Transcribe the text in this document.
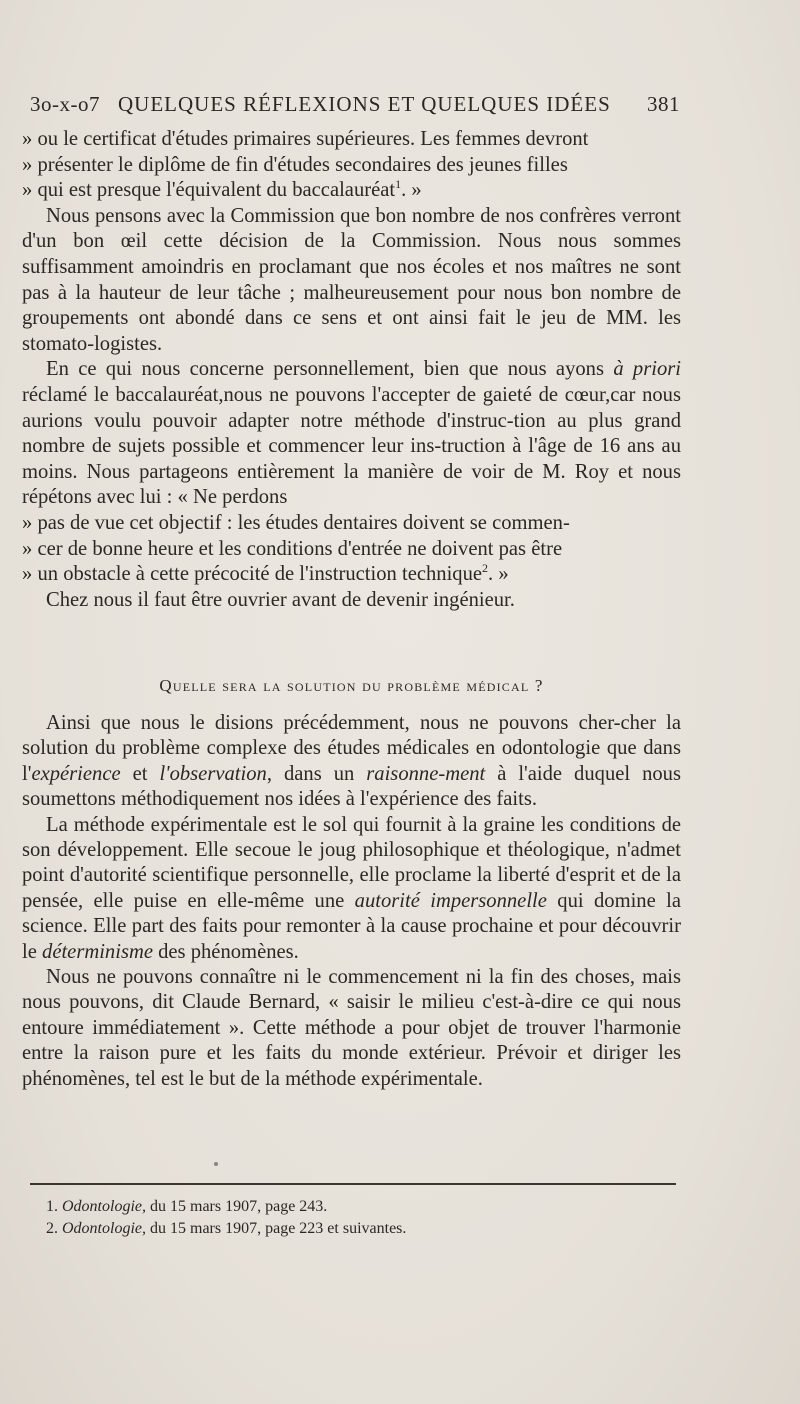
3o-x-o7 QUELQUES RÉFLEXIONS ET QUELQUES IDÉES 381

» ou le certificat d'études primaires supérieures. Les femmes devront
» présenter le diplôme de fin d'études secondaires des jeunes filles
» qui est presque l'équivalent du baccalauréat$^1$. »

Nous pensons avec la Commission que bon nombre de nos confrères verront d'un bon œil cette décision de la Commission. Nous nous sommes suffisamment amoindris en proclamant que nos écoles et nos maîtres ne sont pas à la hauteur de leur tâche ; malheureusement pour nous bon nombre de groupements ont abondé dans ce sens et ont ainsi fait le jeu de MM. les stomato-logistes.

En ce qui nous concerne personnellement, bien que nous ayons à priori réclamé le baccalauréat,nous ne pouvons l'accepter de gaieté de cœur,car nous aurions voulu pouvoir adapter notre méthode d'instruc-tion au plus grand nombre de sujets possible et commencer leur ins-truction à l'âge de 16 ans au moins. Nous partageons entièrement la manière de voir de M. Roy et nous répétons avec lui : « Ne perdons

» pas de vue cet objectif : les études dentaires doivent se commen-
» cer de bonne heure et les conditions d'entrée ne doivent pas être
» un obstacle à cette précocité de l'instruction technique$^2$. »

Chez nous il faut être ouvrier avant de devenir ingénieur.

Quelle sera la solution du problème médical ?

Ainsi que nous le disions précédemment, nous ne pouvons cher-cher la solution du problème complexe des études médicales en odontologie que dans l'expérience et l'observation, dans un raisonne-ment à l'aide duquel nous soumettons méthodiquement nos idées à l'expérience des faits.

La méthode expérimentale est le sol qui fournit à la graine les conditions de son développement. Elle secoue le joug philosophique et théologique, n'admet point d'autorité scientifique personnelle, elle proclame la liberté d'esprit et de la pensée, elle puise en elle-même une autorité impersonnelle qui domine la science. Elle part des faits pour remonter à la cause prochaine et pour découvrir le déterminisme des phénomènes.

Nous ne pouvons connaître ni le commencement ni la fin des choses, mais nous pouvons, dit Claude Bernard, « saisir le milieu c'est-à-dire ce qui nous entoure immédiatement ». Cette méthode a pour objet de trouver l'harmonie entre la raison pure et les faits du monde extérieur. Prévoir et diriger les phénomènes, tel est le but de la méthode expérimentale.

1. Odontologie, du 15 mars 1907, page 243.
2. Odontologie, du 15 mars 1907, page 223 et suivantes.
